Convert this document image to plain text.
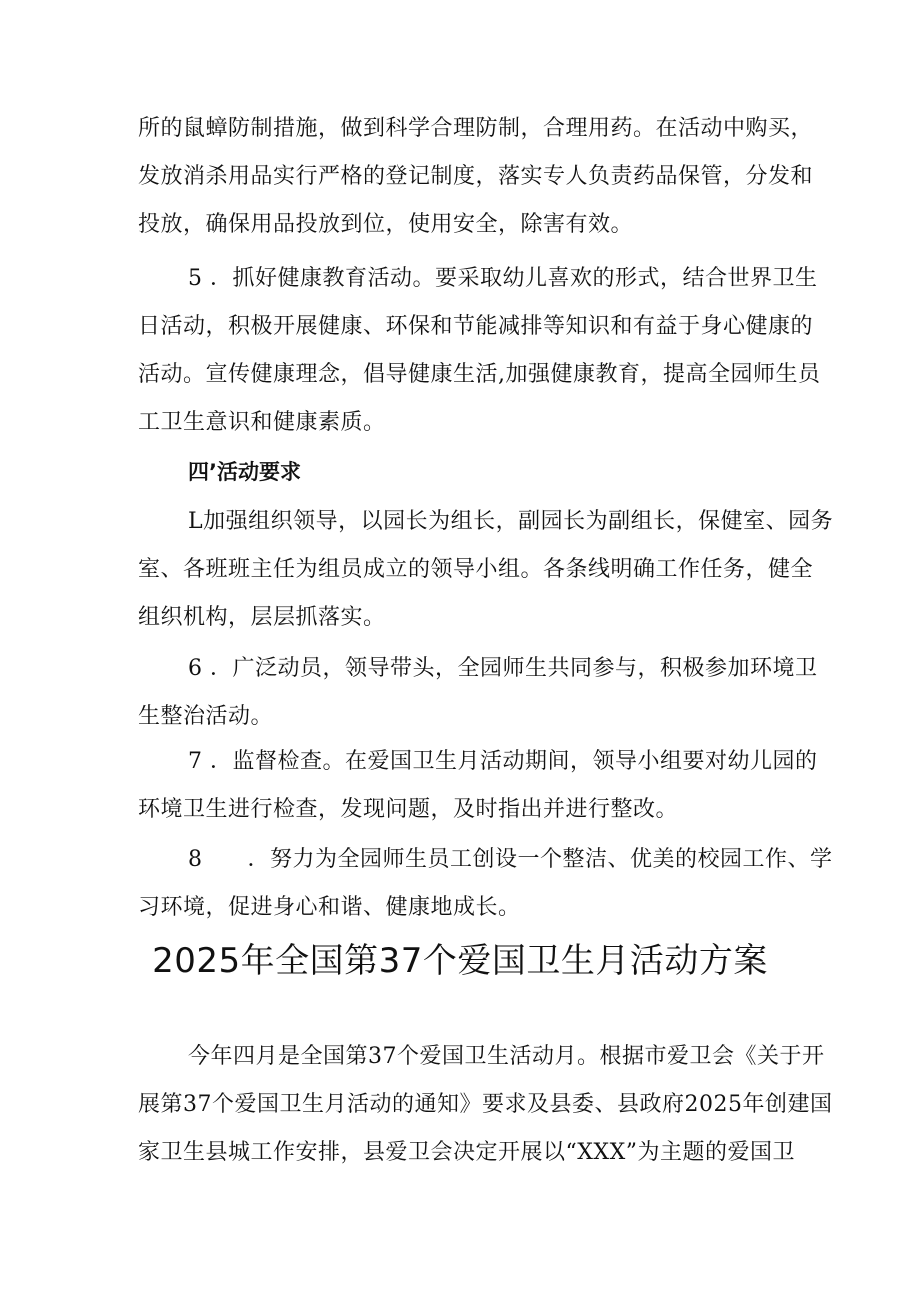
所的鼠蟑防制措施，做到科学合理防制，合理用药。在活动中购买，
发放消杀用品实行严格的登记制度，落实专人负责药品保管，分发和
投放，确保用品投放到位，使用安全，除害有效。
5 ．抓好健康教育活动。要采取幼儿喜欢的形式，结合世界卫生
日活动，积极开展健康、环保和节能减排等知识和有益于身心健康的
活动。宣传健康理念，倡导健康生活,加强健康教育，提高全园师生员
工卫生意识和健康素质。
四’活动要求
L加强组织领导，以园长为组长，副园长为副组长，保健室、园务
室、各班班主任为组员成立的领导小组。各条线明确工作任务，健全
组织机构，层层抓落实。
6 ．广泛动员，领导带头，全园师生共同参与，积极参加环境卫
生整治活动。
7 ．监督检查。在爱国卫生月活动期间，领导小组要对幼儿园的
环境卫生进行检查，发现问题，及时指出并进行整改。
8　　．努力为全园师生员工创设一个整洁、优美的校园工作、学
习环境，促进身心和谐、健康地成长。
2025年全国第37个爱国卫生月活动方案
今年四月是全国第37个爱国卫生活动月。根据市爱卫会《关于开
展第37个爱国卫生月活动的通知》要求及县委、县政府2025年创建国
家卫生县城工作安排，县爱卫会决定开展以“XXX”为主题的爱国卫
